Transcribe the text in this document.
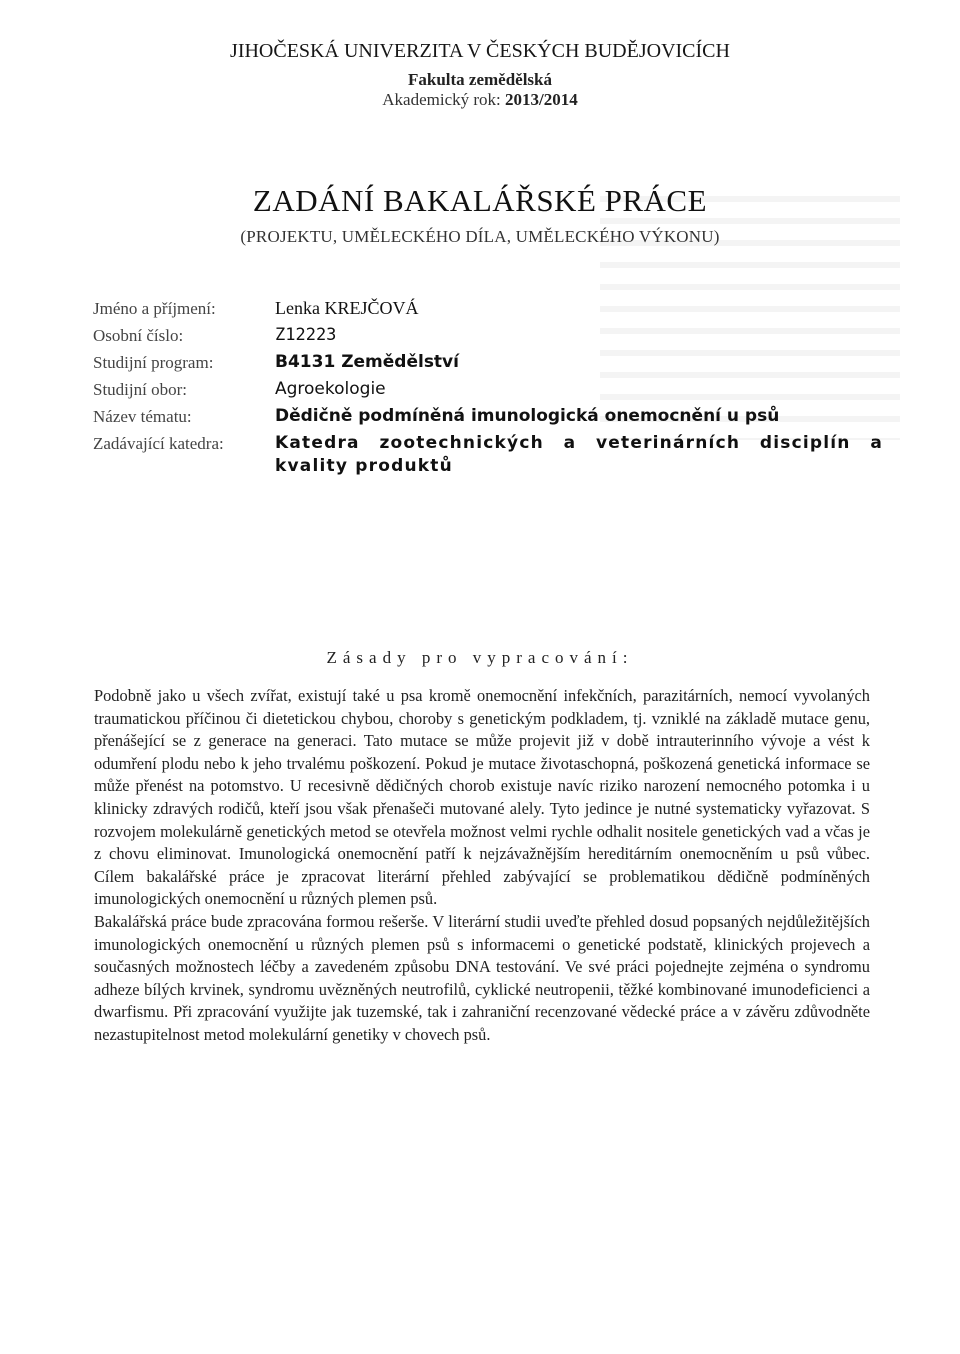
JIHOČESKÁ UNIVERZITA V ČESKÝCH BUDĚJOVICÍCH
Fakulta zemědělská
Akademický rok: 2013/2014
ZADÁNÍ BAKALÁŘSKÉ PRÁCE
(PROJEKTU, UMĚLECKÉHO DÍLA, UMĚLECKÉHO VÝKONU)
Jméno a příjmení:	Lenka KREJČOVÁ
Osobní číslo:	Z12223
Studijní program:	B4131 Zemědělství
Studijní obor:	Agroekologie
Název tématu:	Dědičně podmíněná imunologická onemocnění u psů
Zadávající katedra:	Katedra zootechnických a veterinárních disciplín a kvality produktů
Zásady pro vypracování:

Podobně jako u všech zvířat, existují také u psa kromě onemocnění infekčních, parazitárních, nemocí vyvolaných traumatickou příčinou či dietetickou chybou, choroby s genetickým podkladem, tj. vzniklé na základě mutace genu, přenášející se z generace na generaci. Tato mutace se může projevit již v době intrauterinního vývoje a vést k odumření plodu nebo k jeho trvalému poškození. Pokud je mutace životaschopná, poškozená genetická informace se může přenést na potomstvo. U recesivně dědičných chorob existuje navíc riziko narození nemocného potomka i u klinicky zdravých rodičů, kteří jsou však přenašeči mutované alely. Tyto jedince je nutné systematicky vyřazovat. S rozvojem molekulárně genetických metod se otevřela možnost velmi rychle odhalit nositele genetických vad a včas je z chovu eliminovat. Imunologická onemocnění patří k nejzávažnějším hereditárním onemocněním u psů vůbec. Cílem bakalářské práce je zpracovat literární přehled zabývající se problematikou dědičně podmíněných imunologických onemocnění u různých plemen psů.

Bakalářská práce bude zpracována formou rešerše. V literární studii uveďte přehled dosud popsaných nejdůležitějších imunologických onemocnění u různých plemen psů s informacemi o genetické podstatě, klinických projevech a současných možnostech léčby a zavedeném způsobu DNA testování. Ve své práci pojednejte zejména o syndromu adheze bílých krvinek, syndromu uvězněných neutrofilů, cyklické neutropenii, těžké kombinované imunodeficienci a dwarfismu. Při zpracování využijte jak tuzemské, tak i zahraniční recenzované vědecké práce a v závěru zdůvodněte nezastupitelnost metod molekulární genetiky v chovech psů.
